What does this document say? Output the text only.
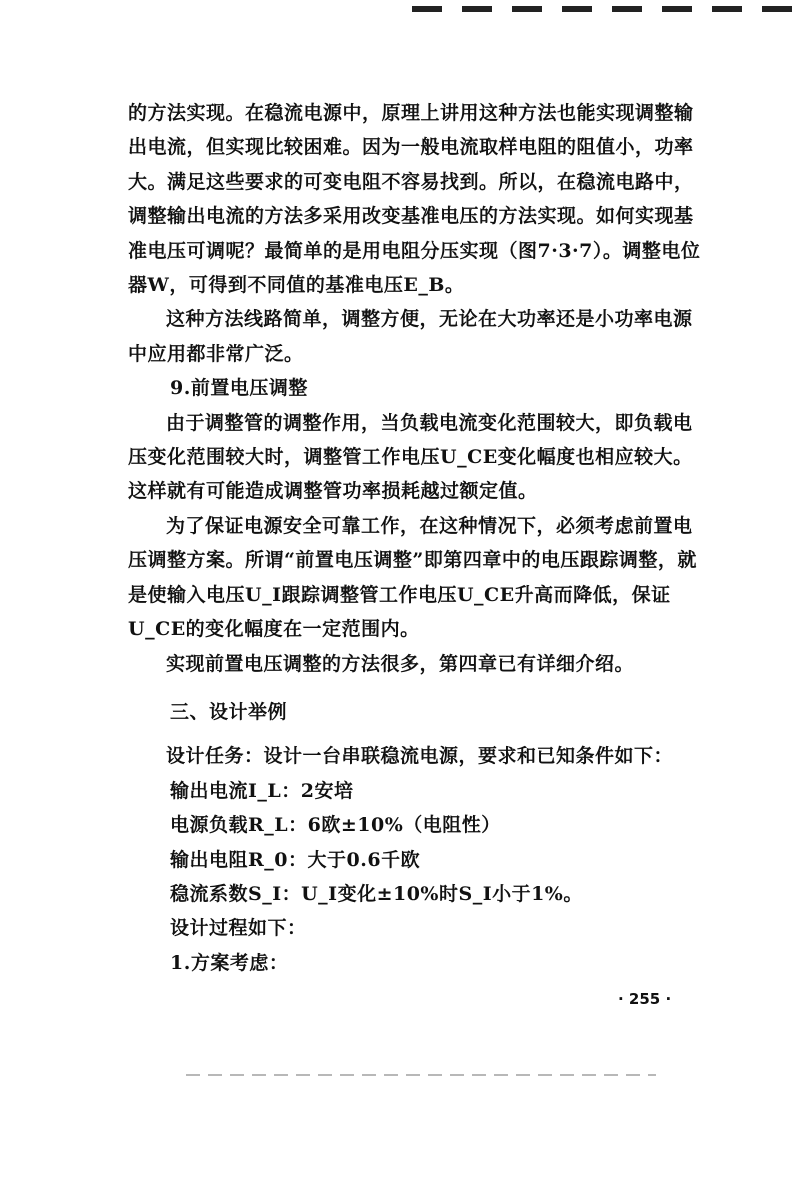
的方法实现。在稳流电源中，原理上讲用这种方法也能实现调整输出电流，但实现比较困难。因为一般电流取样电阻的阻值小，功率大。满足这些要求的可变电阻不容易找到。所以，在稳流电路中，调整输出电流的方法多采用改变基准电压的方法实现。如何实现基准电压可调呢？最简单的是用电阻分压实现（图7·3·7）。调整电位器W，可得到不同值的基准电压E_B。

这种方法线路简单，调整方便，无论在大功率还是小功率电源中应用都非常广泛。

9.前置电压调整

由于调整管的调整作用，当负载电流变化范围较大，即负载电压变化范围较大时，调整管工作电压U_CE变化幅度也相应较大。这样就有可能造成调整管功率损耗越过额定值。

为了保证电源安全可靠工作，在这种情况下，必须考虑前置电压调整方案。所谓“前置电压调整”即第四章中的电压跟踪调整，就是使输入电压U_I跟踪调整管工作电压U_CE升高而降低，保证U_CE的变化幅度在一定范围内。

实现前置电压调整的方法很多，第四章已有详细介绍。

三、设计举例

设计任务：设计一台串联稳流电源，要求和已知条件如下：

输出电流I_L：2安培

电源负载R_L：6欧±10%（电阻性）

输出电阻R_0：大于0.6千欧

稳流系数S_I：U_I变化±10%时S_I小于1%。

设计过程如下：

1.方案考虑：

· 255 ·
